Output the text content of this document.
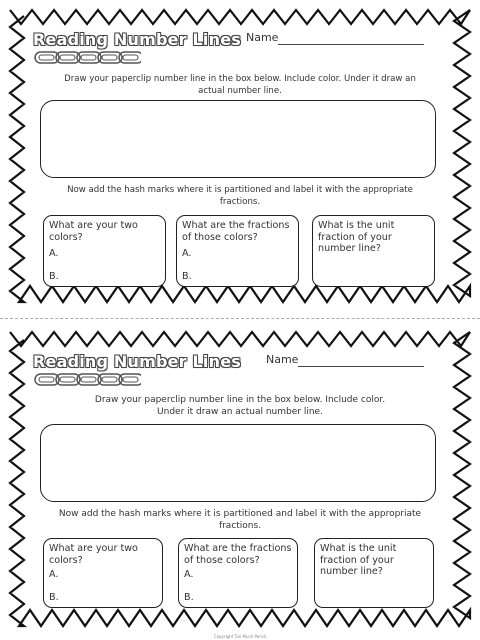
Reading Number Lines Name
Draw your paperclip number line in the box below. Include color. Under it draw an actual number line.
Now add the hash marks where it is partitioned and label it with the appropriate fractions.
What are your two colors?
A.
B.
What are the fractions of those colors?
A.
B.
What is the unit fraction of your number line?
Reading Number Lines Name
Draw your paperclip number line in the box below. Include color. Under it draw an actual number line.
Now add the hash marks where it is partitioned and label it with the appropriate fractions.
What are your two colors?
A.
B.
What are the fractions of those colors?
A.
B.
What is the unit fraction of your number line?
Copyright Too Much Pencil
